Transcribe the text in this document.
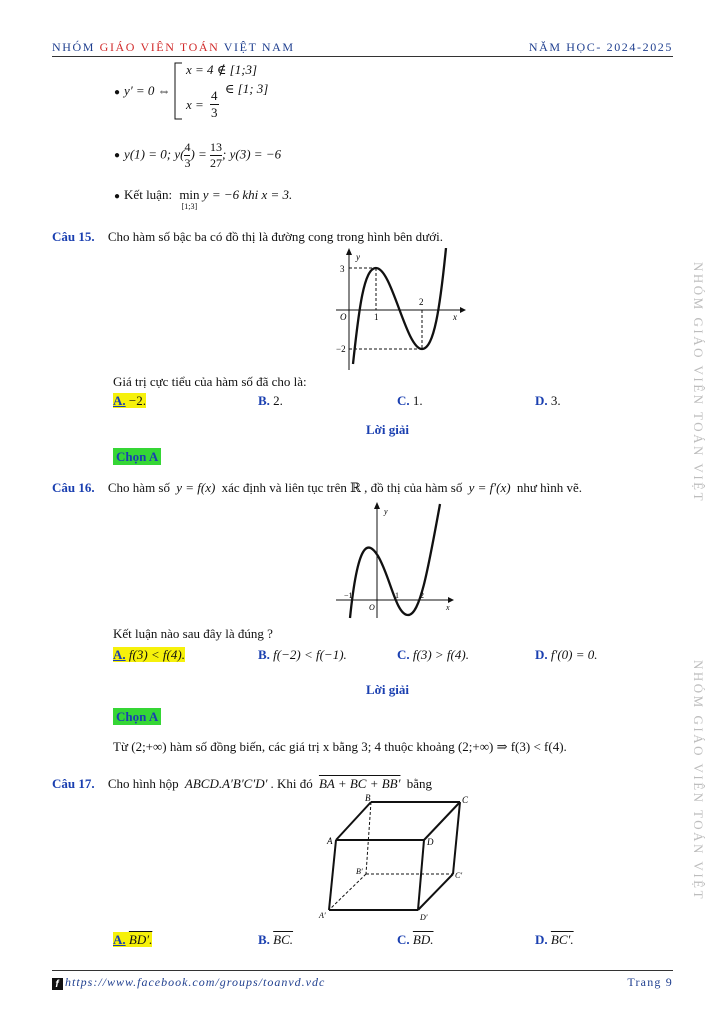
NHÓM GIÁO VIÊN TOÁN VIỆT NAM	NĂM HỌC- 2024-2025
NHÓM GIÁO VIÊN TOÁN VIỆT
NHÓM GIÁO VIÊN TOÁN VIỆT
● y′ = 0 ⇔
x = 4 ∉ [1;3]
$x = \frac{4}{3}$ ∈ [1; 3]
● y(1) = 0; $y( \frac{4}{3}$ ) = $\frac{13}{27}$ ; y(3) = −6
● Kết luận: min
[1;3]
y = −6 khi x = 3.
Câu 15. Cho hàm số bậc ba có đồ thị là đường cong trong hình bên dưới.
y
x
O
3
1
2
−2
Giá trị cực tiểu của hàm số đã cho là:
A. −2.	B. 2.	C. 1.	D. 3.
Lời giải
Chọn A
Câu 16. Cho hàm số y = f(x) xác định và liên tục trên ℝ , đồ thị của hàm số y = f′(x) như hình vẽ.
y
x
O
−1	1	2
Kết luận nào sau đây là đúng ?
A. f(3) < f(4).	B. f(−2) < f(−1).	C. f(3) > f(4).	D. f′(0) = 0.
Lời giải
Chọn A
Từ (2;+∞) hàm số đồng biến, các giá trị x bằng 3; 4 thuộc khoảng (2;+∞) ⇒ f(3) < f(4).
Câu 17. Cho hình hộp ABCD.A′B′C′D′ . Khi đó BA + BC + BB′ bằng
B	C
A	D
B′	C′
A′	D′
A. BD′.	B. BC.	C. BD.	D. BC′.
f https://www.facebook.com/groups/toanvd.vdc	Trang 9
